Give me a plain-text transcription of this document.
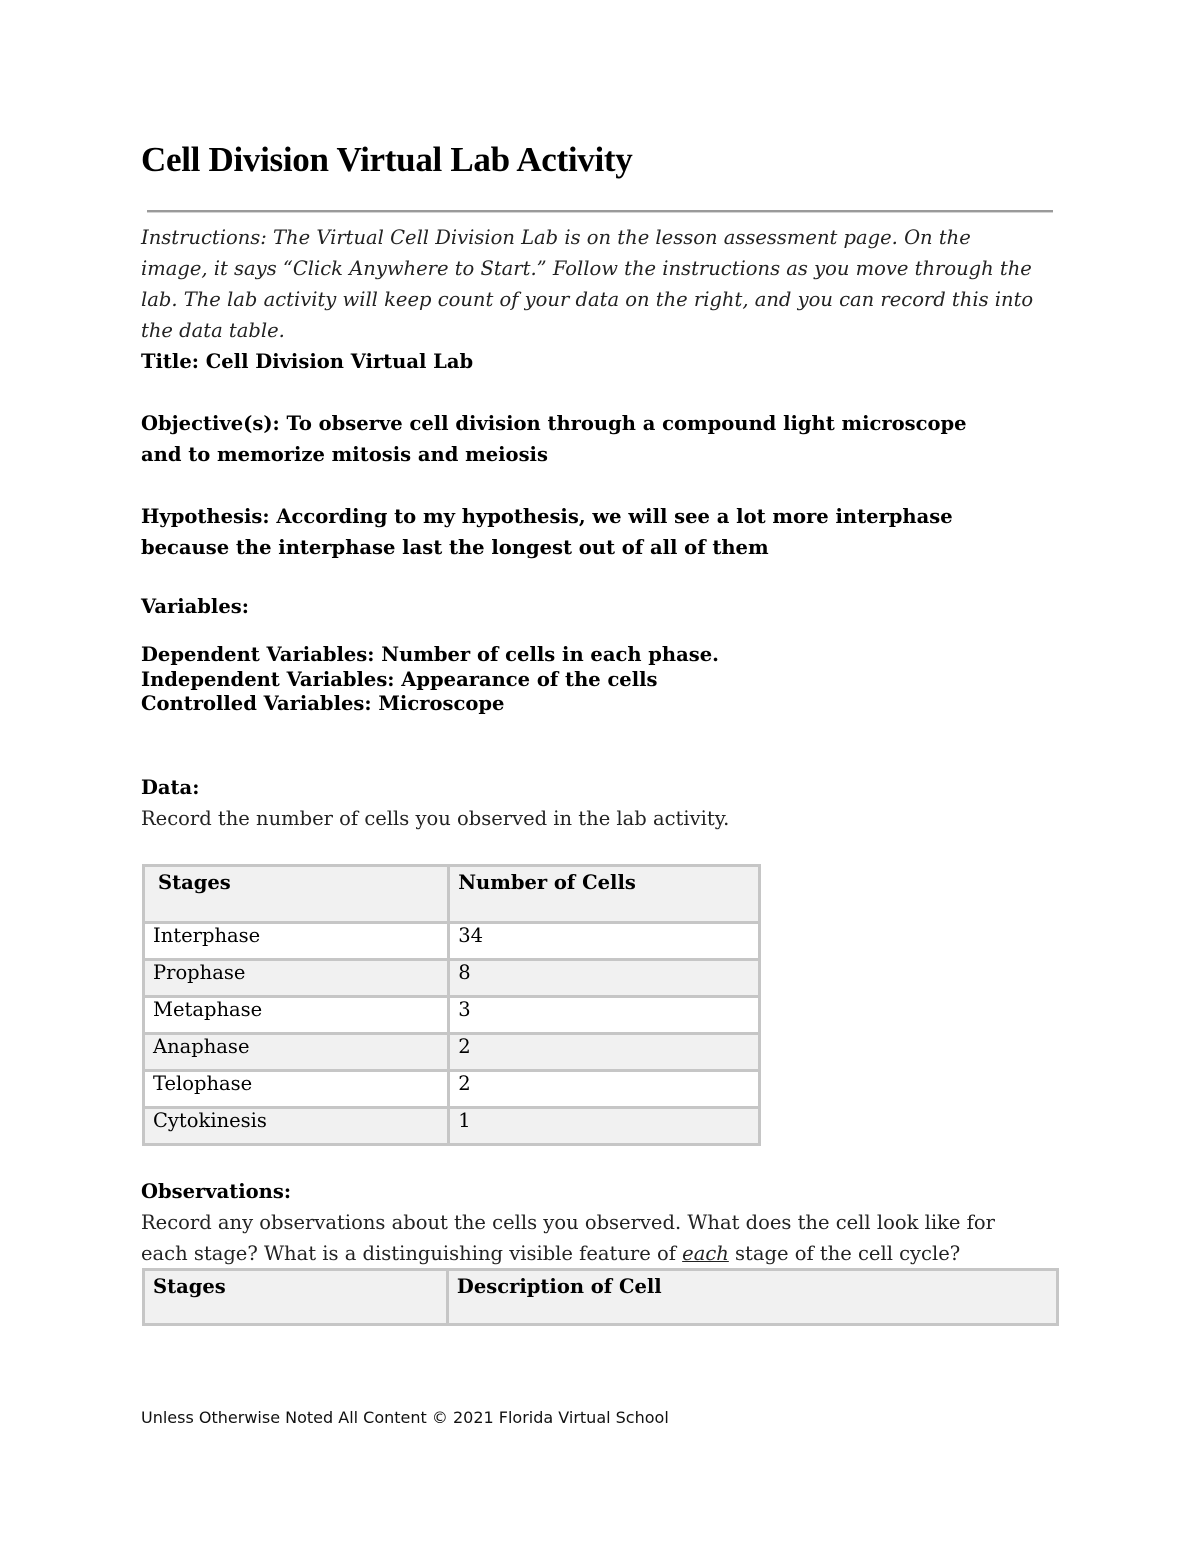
Cell Division Virtual Lab Activity
Instructions: The Virtual Cell Division Lab is on the lesson assessment page. On the image, it says “Click Anywhere to Start.” Follow the instructions as you move through the lab. The lab activity will keep count of your data on the right, and you can record this into the data table.
Title: Cell Division Virtual Lab
Objective(s): To observe cell division through a compound light microscope and to memorize mitosis and meiosis
Hypothesis: According to my hypothesis, we will see a lot more interphase because the interphase last the longest out of all of them
Variables:
Dependent Variables: Number of cells in each phase.
Independent Variables: Appearance of the cells
Controlled Variables: Microscope
Data:
Record the number of cells you observed in the lab activity.
Stages	Number of Cells
Interphase	34
Prophase	8
Metaphase	3
Anaphase	2
Telophase	2
Cytokinesis	1
Observations:
Record any observations about the cells you observed. What does the cell look like for each stage? What is a distinguishing visible feature of each stage of the cell cycle?
Stages	Description of Cell
Unless Otherwise Noted All Content © 2021 Florida Virtual School
